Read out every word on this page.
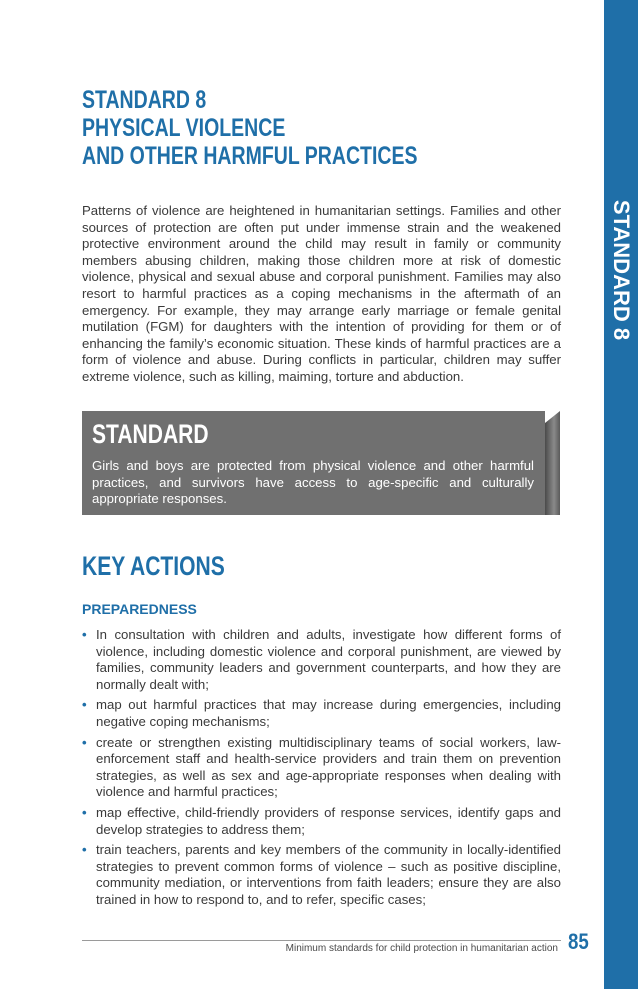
STANDARD 8
STANDARD 8
PHYSICAL VIOLENCE
AND OTHER HARMFUL PRACTICES

Patterns of violence are heightened in humanitarian settings. Families and other sources of protection are often put under immense strain and the weakened protective environment around the child may result in family or community members abusing children, making those children more at risk of domestic violence, physical and sexual abuse and corporal punishment. Families may also resort to harmful practices as a coping mechanisms in the aftermath of an emergency. For example, they may arrange early marriage or female genital mutilation (FGM) for daughters with the intention of providing for them or of enhancing the family’s economic situation. These kinds of harmful practices are a form of violence and abuse. During conflicts in particular, children may suffer extreme violence, such as killing, maiming, torture and abduction.

STANDARD

Girls and boys are protected from physical violence and other harmful practices, and survivors have access to age-specific and culturally appropriate responses.

KEY ACTIONS
PREPAREDNESS
• In consultation with children and adults, investigate how different forms of violence, including domestic violence and corporal punishment, are viewed by families, community leaders and government counterparts, and how they are normally dealt with;
• map out harmful practices that may increase during emergencies, including negative coping mechanisms;
• create or strengthen existing multidisciplinary teams of social workers, law-enforcement staff and health-service providers and train them on prevention strategies, as well as sex and age-appropriate responses when dealing with violence and harmful practices;
• map effective, child-friendly providers of response services, identify gaps and develop strategies to address them;
• train teachers, parents and key members of the community in locally-identified strategies to prevent common forms of violence – such as positive discipline, community mediation, or interventions from faith leaders; ensure they are also trained in how to respond to, and to refer, specific cases;
Minimum standards for child protection in humanitarian action 85
